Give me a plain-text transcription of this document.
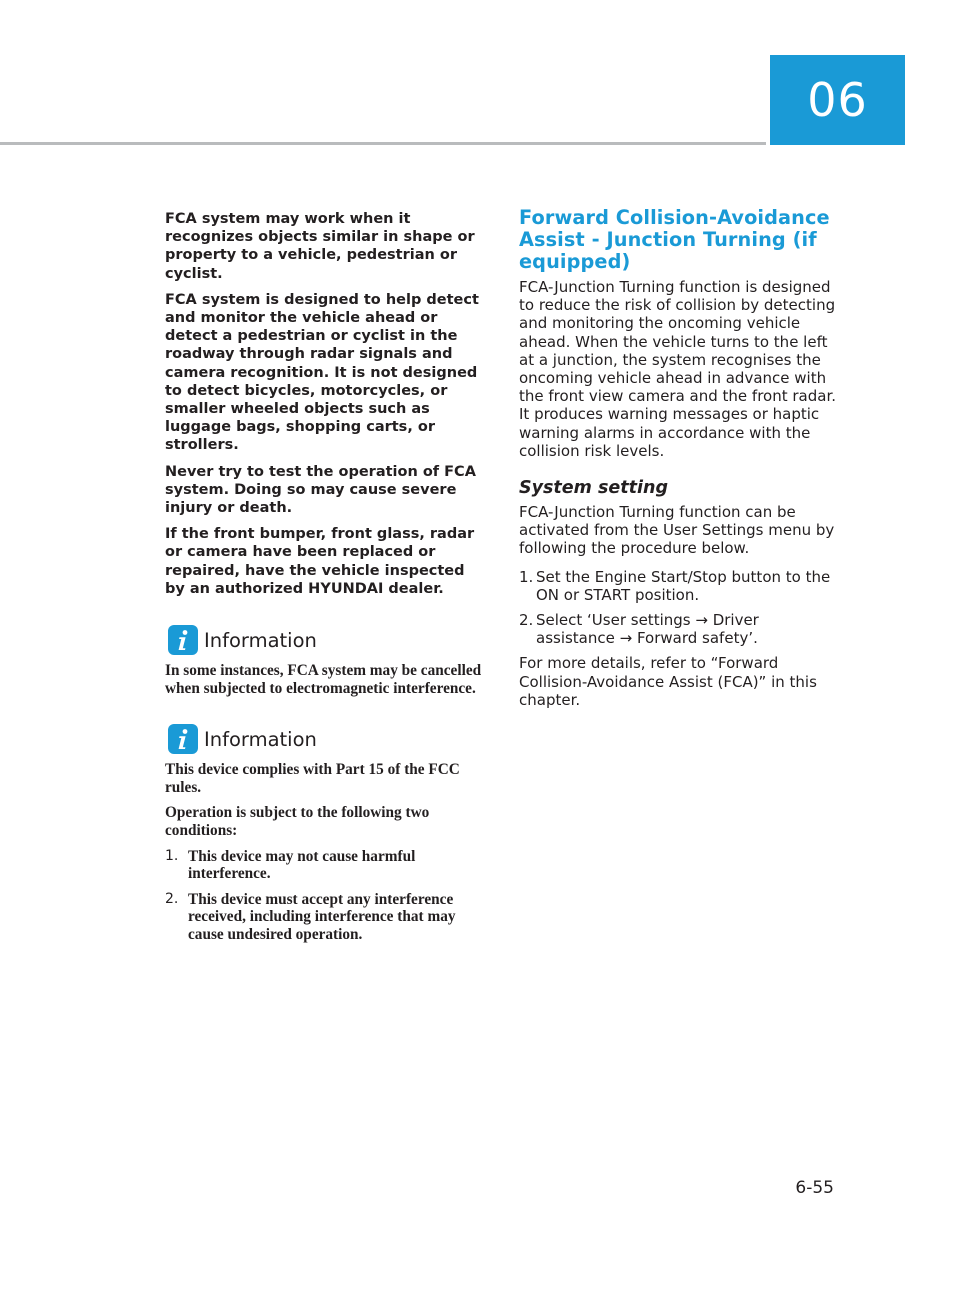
06

FCA system may work when it recognizes objects similar in shape or property to a vehicle, pedestrian or cyclist.

FCA system is designed to help detect and monitor the vehicle ahead or detect a pedestrian or cyclist in the roadway through radar signals and camera recognition. It is not designed to detect bicycles, motorcycles, or smaller wheeled objects such as luggage bags, shopping carts, or strollers.

Never try to test the operation of FCA system. Doing so may cause severe injury or death.

If the front bumper, front glass, radar or camera have been replaced or repaired, have the vehicle inspected by an authorized HYUNDAI dealer.

Information

In some instances, FCA system may be cancelled when subjected to electromagnetic interference.

Information

This device complies with Part 15 of the FCC rules.

Operation is subject to the following two conditions:

1. This device may not cause harmful interference.
2. This device must accept any interference received, including interference that may cause undesired operation.
Forward Collision-Avoidance Assist - Junction Turning (if equipped)

FCA-Junction Turning function is designed to reduce the risk of collision by detecting and monitoring the oncoming vehicle ahead. When the vehicle turns to the left at a junction, the system recognises the oncoming vehicle ahead in advance with the front view camera and the front radar. It produces warning messages or haptic warning alarms in accordance with the collision risk levels.

System setting

FCA-Junction Turning function can be activated from the User Settings menu by following the procedure below.

1. Set the Engine Start/Stop button to the ON or START position.
2. Select ‘User settings → Driver assistance → Forward safety’.

For more details, refer to “Forward Collision-Avoidance Assist (FCA)” in this chapter.

6-55
